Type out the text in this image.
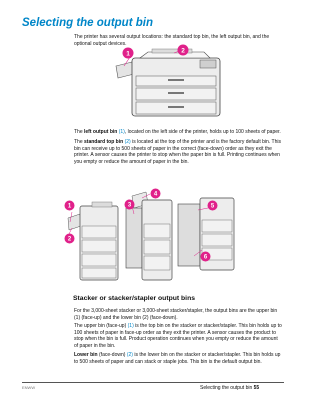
Selecting the output bin
The printer has several output locations: the standard top bin, the left output bin, and the optional output devices.
1	2
The left output bin (1), located on the left side of the printer, holds up to 100 sheets of paper.
The standard top bin (2) is located at the top of the printer and is the factory default bin. This bin can receive up to 500 sheets of paper in the correct (face-down) order as they exit the printer. A sensor causes the printer to stop when the paper bin is full. Printing continues when you empty or reduce the amount of paper in the bin.
1
2
3
4
5
6
Stacker or stacker/stapler output bins
For the 3,000-sheet stacker or 3,000-sheet stacker/stapler, the output bins are the upper bin (1) (face-up) and the lower bin (2) (face-down).
The upper bin (face-up) (1) is the top bin on the stacker or stacker/stapler. This bin holds up to 100 sheets of paper in face-up order as they exit the printer. A sensor causes the product to stop when the bin is full. Product operation continues when you empty or reduce the amount of paper in the bin.
Lower bin (face-down) (2) is the lower bin on the stacker or stacker/stapler. This bin holds up to 500 sheets of paper and can stack or staple jobs. This bin is the default output bin.
ENWW	Selecting the output bin 55
